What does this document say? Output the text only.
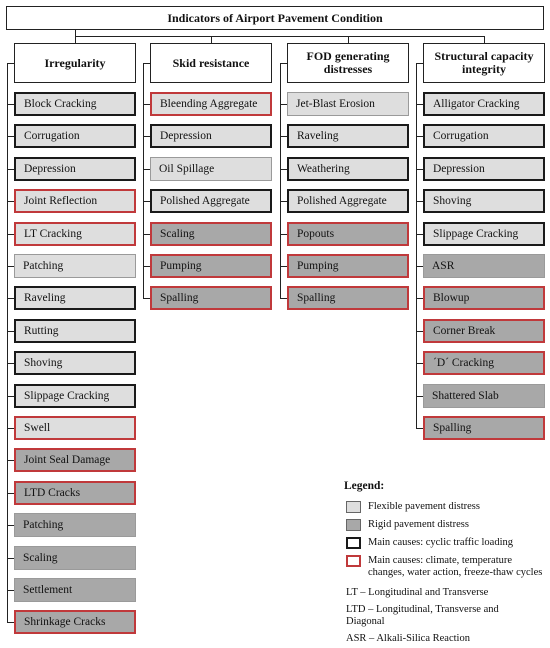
Indicators of Airport Pavement Condition
Irregularity
Block Cracking
Corrugation
Depression
Joint Reflection
LT Cracking
Patching
Raveling
Rutting
Shoving
Slippage Cracking
Swell
Joint Seal Damage
LTD Cracks
Patching
Scaling
Settlement
Shrinkage Cracks
Skid resistance
Bleending Aggregate
Depression
Oil Spillage
Polished Aggregate
Scaling
Pumping
Spalling
FOD generating distresses
Jet-Blast Erosion
Raveling
Weathering
Polished Aggregate
Popouts
Pumping
Spalling
Structural capacity integrity
Alligator Cracking
Corrugation
Depression
Shoving
Slippage Cracking
ASR
Blowup
Corner Break
´D´ Cracking
Shattered Slab
Spalling
Legend:
Flexible pavement distress
Rigid pavement distress
Main causes: cyclic traffic loading
Main causes: climate, temperature changes, water action, freeze-thaw cycles
LT – Longitudinal and Transverse
LTD – Longitudinal, Transverse and Diagonal
ASR – Alkali-Silica Reaction
